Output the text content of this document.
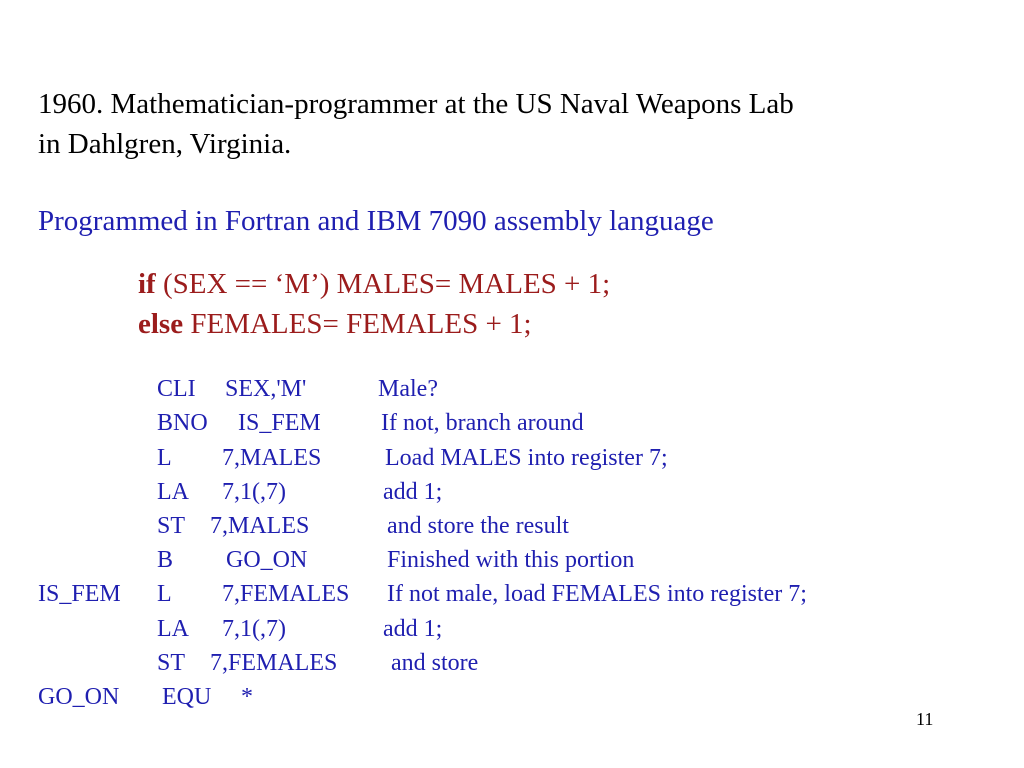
1960. Mathematician-programmer at the US Naval Weapons Lab
in Dahlgren, Virginia.
Programmed in Fortran and IBM 7090 assembly language
if (SEX == ‘M’) MALES= MALES + 1;
else FEMALES= FEMALES + 1;
CLI SEX,'M'	Male?
BNO IS_FEM	If not, branch around
L 7,MALES	Load MALES into register 7;
LA 7,1(,7)	add 1;
ST 7,MALES	and store the result
B GO_ON	Finished with this portion
IS_FEM L 7,FEMALES If not male, load FEMALES into register 7;
LA 7,1(,7)	add 1;
ST 7,FEMALES and store
GO_ON EQU *
11
